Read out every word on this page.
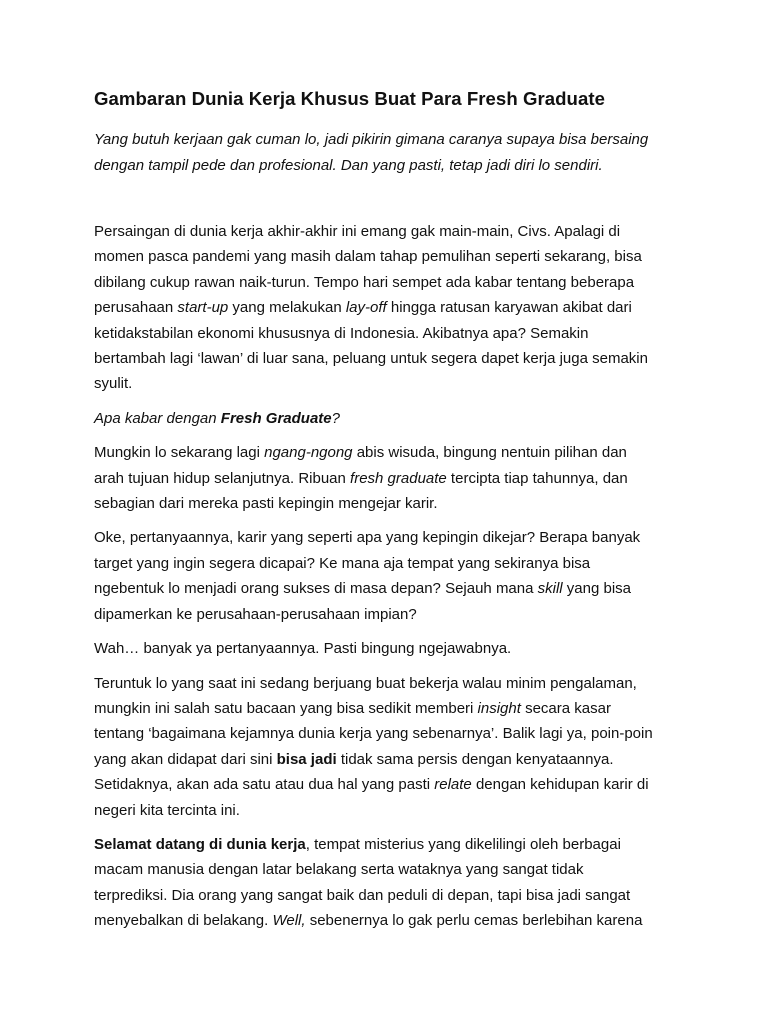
Gambaran Dunia Kerja Khusus Buat Para Fresh Graduate
Yang butuh kerjaan gak cuman lo, jadi pikirin gimana caranya supaya bisa bersaing
dengan tampil pede dan profesional. Dan yang pasti, tetap jadi diri lo sendiri.

Persaingan di dunia kerja akhir-akhir ini emang gak main-main, Civs. Apalagi di
momen pasca pandemi yang masih dalam tahap pemulihan seperti sekarang, bisa
dibilang cukup rawan naik-turun. Tempo hari sempet ada kabar tentang beberapa
perusahaan start-up yang melakukan lay-off hingga ratusan karyawan akibat dari
ketidakstabilan ekonomi khususnya di Indonesia. Akibatnya apa? Semakin
bertambah lagi ‘lawan’ di luar sana, peluang untuk segera dapet kerja juga semakin
syulit.

Apa kabar dengan Fresh Graduate?

Mungkin lo sekarang lagi ngang-ngong abis wisuda, bingung nentuin pilihan dan
arah tujuan hidup selanjutnya. Ribuan fresh graduate tercipta tiap tahunnya, dan
sebagian dari mereka pasti kepingin mengejar karir.

Oke, pertanyaannya, karir yang seperti apa yang kepingin dikejar? Berapa banyak
target yang ingin segera dicapai? Ke mana aja tempat yang sekiranya bisa
ngebentuk lo menjadi orang sukses di masa depan? Sejauh mana skill yang bisa
dipamerkan ke perusahaan-perusahaan impian?

Wah… banyak ya pertanyaannya. Pasti bingung ngejawabnya.

Teruntuk lo yang saat ini sedang berjuang buat bekerja walau minim pengalaman,
mungkin ini salah satu bacaan yang bisa sedikit memberi insight secara kasar
tentang ‘bagaimana kejamnya dunia kerja yang sebenarnya’. Balik lagi ya, poin-poin
yang akan didapat dari sini bisa jadi tidak sama persis dengan kenyataannya.
Setidaknya, akan ada satu atau dua hal yang pasti relate dengan kehidupan karir di
negeri kita tercinta ini.

Selamat datang di dunia kerja, tempat misterius yang dikelilingi oleh berbagai
macam manusia dengan latar belakang serta wataknya yang sangat tidak
terprediksi. Dia orang yang sangat baik dan peduli di depan, tapi bisa jadi sangat
menyebalkan di belakang. Well, sebenernya lo gak perlu cemas berlebihan karena
